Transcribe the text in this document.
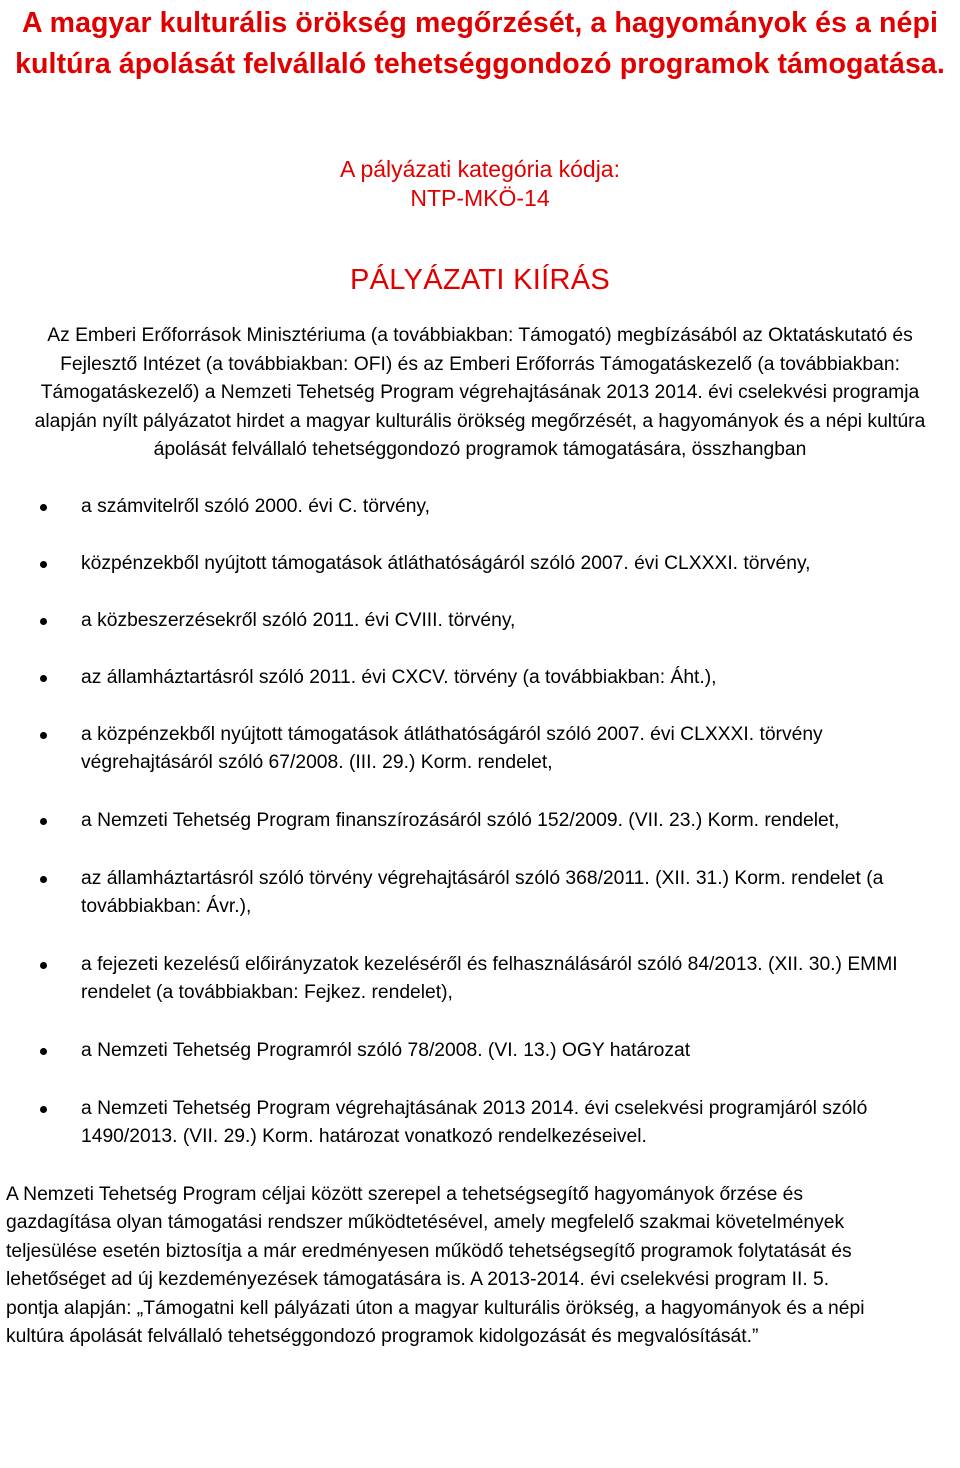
A magyar kulturális örökség megőrzését, a hagyományok és a népi kultúra ápolását felvállaló tehetséggondozó programok támogatása.
A pályázati kategória kódja:
NTP-MKÖ-14
PÁLYÁZATI KIÍRÁS
Az Emberi Erőforrások Minisztériuma (a továbbiakban: Támogató) megbízásából az Oktatáskutató és Fejlesztő Intézet (a továbbiakban: OFI) és az Emberi Erőforrás Támogatáskezelő (a továbbiakban: Támogatáskezelő) a Nemzeti Tehetség Program végrehajtásának 2013 2014. évi cselekvési programja alapján nyílt pályázatot hirdet a magyar kulturális örökség megőrzését, a hagyományok és a népi kultúra ápolását felvállaló tehetséggondozó programok támogatására, összhangban
a számvitelről szóló 2000. évi C. törvény,
közpénzekből nyújtott támogatások átláthatóságáról szóló 2007. évi CLXXXI. törvény,
a közbeszerzésekről szóló 2011. évi CVIII. törvény,
az államháztartásról szóló 2011. évi CXCV. törvény (a továbbiakban: Áht.),
a közpénzekből nyújtott támogatások átláthatóságáról szóló 2007. évi CLXXXI. törvény végrehajtásáról szóló 67/2008. (III. 29.) Korm. rendelet,
a Nemzeti Tehetség Program finanszírozásáról szóló 152/2009. (VII. 23.) Korm. rendelet,
az államháztartásról szóló törvény végrehajtásáról szóló 368/2011. (XII. 31.) Korm. rendelet (a továbbiakban: Ávr.),
a fejezeti kezelésű előirányzatok kezeléséről és felhasználásáról szóló 84/2013. (XII. 30.) EMMI rendelet (a továbbiakban: Fejkez. rendelet),
a Nemzeti Tehetség Programról szóló 78/2008. (VI. 13.) OGY határozat
a Nemzeti Tehetség Program végrehajtásának 2013 2014. évi cselekvési programjáról szóló 1490/2013. (VII. 29.) Korm. határozat vonatkozó rendelkezéseivel.
A Nemzeti Tehetség Program céljai között szerepel a tehetségsegítő hagyományok őrzése és gazdagítása olyan támogatási rendszer működtetésével, amely megfelelő szakmai követelmények teljesülése esetén biztosítja a már eredményesen működő tehetségsegítő programok folytatását és lehetőséget ad új kezdeményezések támogatására is. A 2013-2014. évi cselekvési program II. 5. pontja alapján: „Támogatni kell pályázati úton a magyar kulturális örökség, a hagyományok és a népi kultúra ápolását felvállaló tehetséggondozó programok kidolgozását és megvalósítását.”
